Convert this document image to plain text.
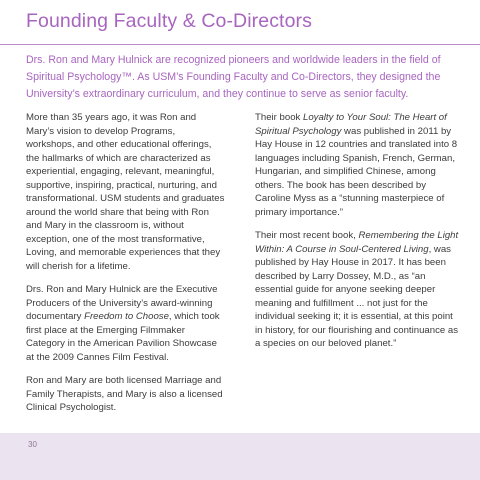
Founding Faculty & Co-Directors

Drs. Ron and Mary Hulnick are recognized pioneers and worldwide leaders in the field of Spiritual Psychology™. As USM’s Founding Faculty and Co-Directors, they designed the University’s extraordinary curriculum, and they continue to serve as senior faculty.

More than 35 years ago, it was Ron and Mary’s vision to develop Programs, workshops, and other educational offerings, the hallmarks of which are characterized as experiential, engaging, relevant, meaningful, supportive, inspiring, practical, nurturing, and transformational. USM students and graduates around the world share that being with Ron and Mary in the classroom is, without exception, one of the most transformative, Loving, and memorable experiences that they will cherish for a lifetime.

Drs. Ron and Mary Hulnick are the Executive Producers of the University’s award-winning documentary Freedom to Choose, which took first place at the Emerging Filmmaker Category in the American Pavilion Showcase at the 2009 Cannes Film Festival.

Ron and Mary are both licensed Marriage and Family Therapists, and Mary is also a licensed Clinical Psychologist.

Their book Loyalty to Your Soul: The Heart of Spiritual Psychology was published in 2011 by Hay House in 12 countries and translated into 8 languages including Spanish, French, German, Hungarian, and simplified Chinese, among others. The book has been described by Caroline Myss as a “stunning masterpiece of primary importance.”

Their most recent book, Remembering the Light Within: A Course in Soul-Centered Living, was published by Hay House in 2017. It has been described by Larry Dossey, M.D., as “an essential guide for anyone seeking deeper meaning and fulfillment ... not just for the individual seeking it; it is essential, at this point in history, for our flourishing and continuance as a species on our beloved planet.”

30
